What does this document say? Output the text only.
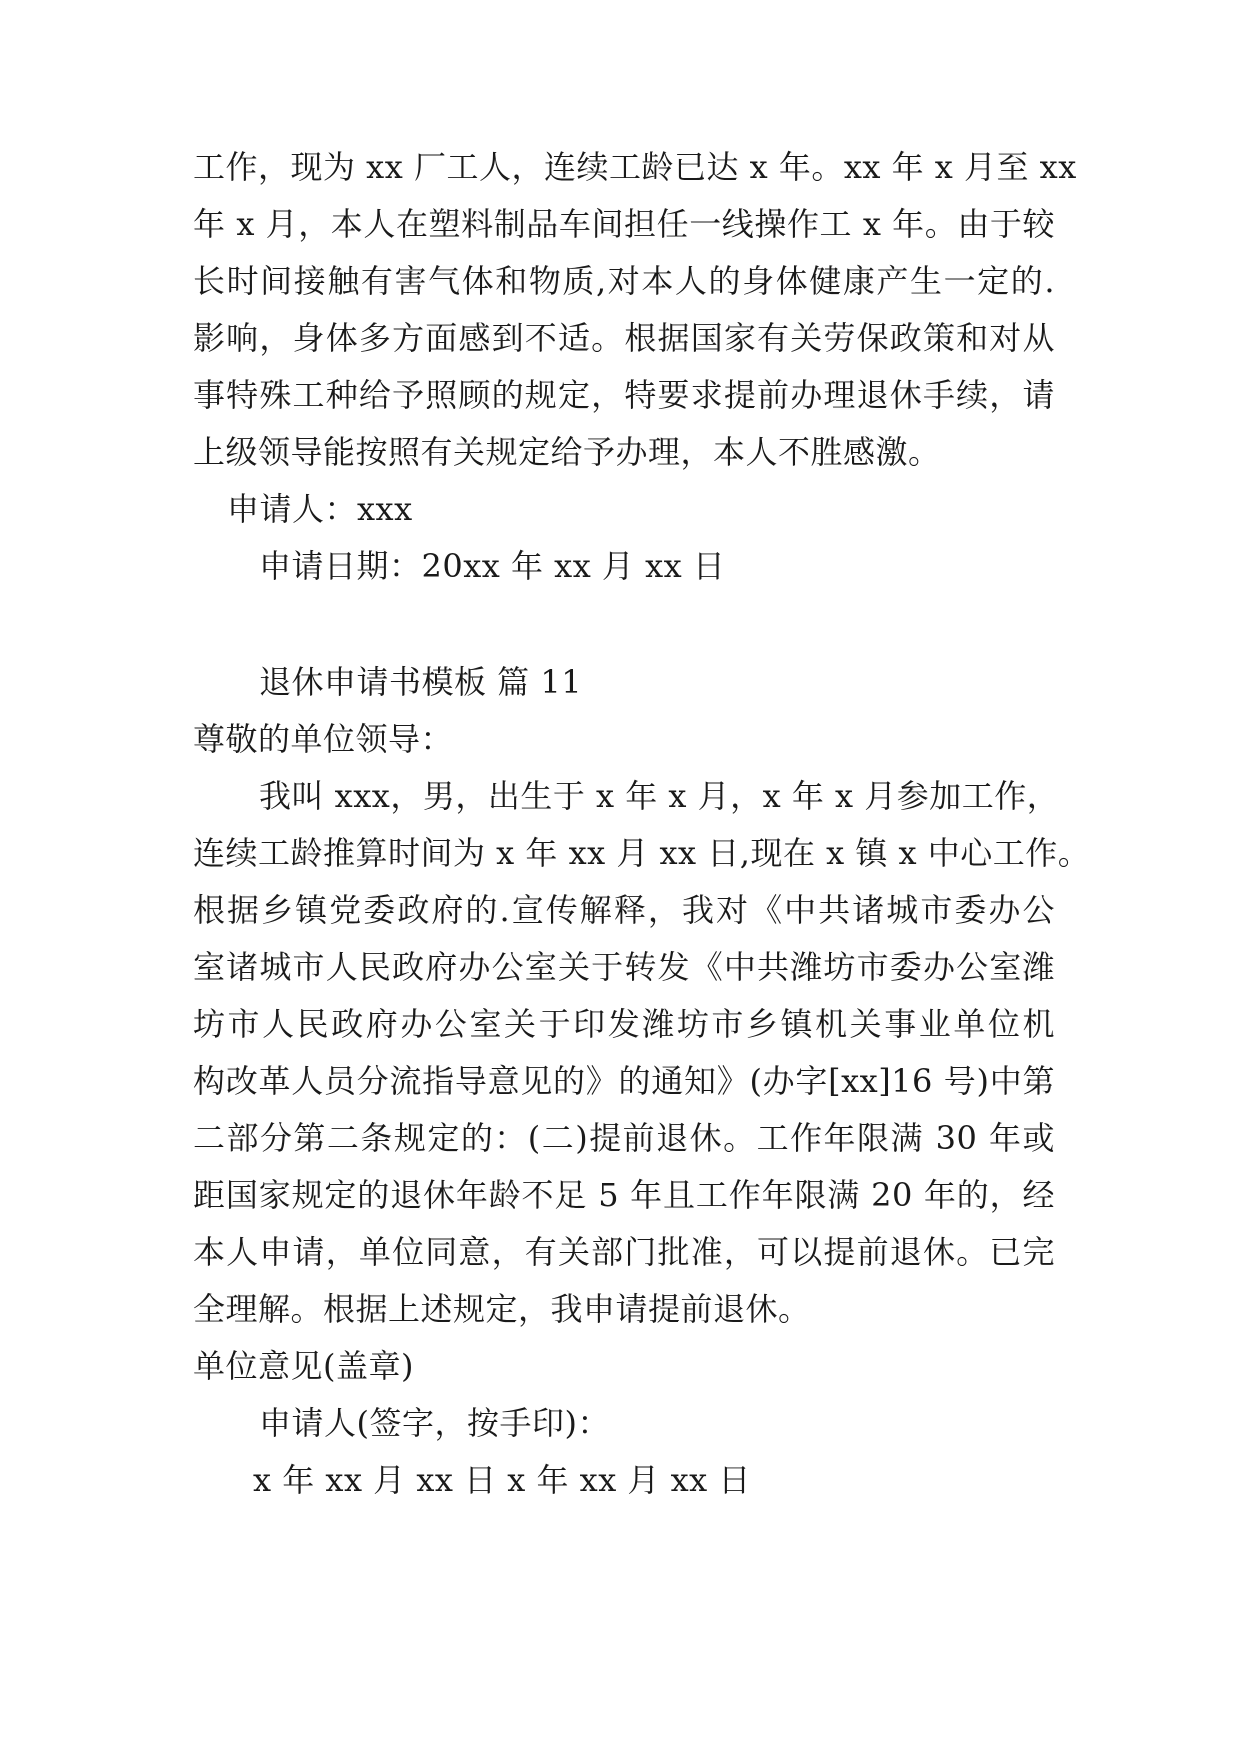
工作，现为 xx 厂工人，连续工龄已达 x 年。xx 年 x 月至 xx
年 x 月，本人在塑料制品车间担任一线操作工 x 年。由于较
长时间接触有害气体和物质,对本人的身体健康产生一定的.
影响，身体多方面感到不适。根据国家有关劳保政策和对从
事特殊工种给予照顾的规定，特要求提前办理退休手续，请
上级领导能按照有关规定给予办理，本人不胜感激。
申请人：xxx
申请日期：20xx 年 xx 月 xx 日
退休申请书模板 篇 11
尊敬的单位领导：
我叫 xxx，男，出生于 x 年 x 月，x 年 x 月参加工作，
连续工龄推算时间为 x 年 xx 月 xx 日,现在 x 镇 x 中心工作。
根据乡镇党委政府的.宣传解释，我对《中共诸城市委办公
室诸城市人民政府办公室关于转发《中共潍坊市委办公室潍
坊市人民政府办公室关于印发潍坊市乡镇机关事业单位机
构改革人员分流指导意见的》的通知》(办字[xx]16 号)中第
二部分第二条规定的：(二)提前退休。工作年限满 30 年或
距国家规定的退休年龄不足 5 年且工作年限满 20 年的，经
本人申请，单位同意，有关部门批准，可以提前退休。已完
全理解。根据上述规定，我申请提前退休。
单位意见(盖章)
申请人(签字，按手印)：
x 年 xx 月 xx 日 x 年 xx 月 xx 日
